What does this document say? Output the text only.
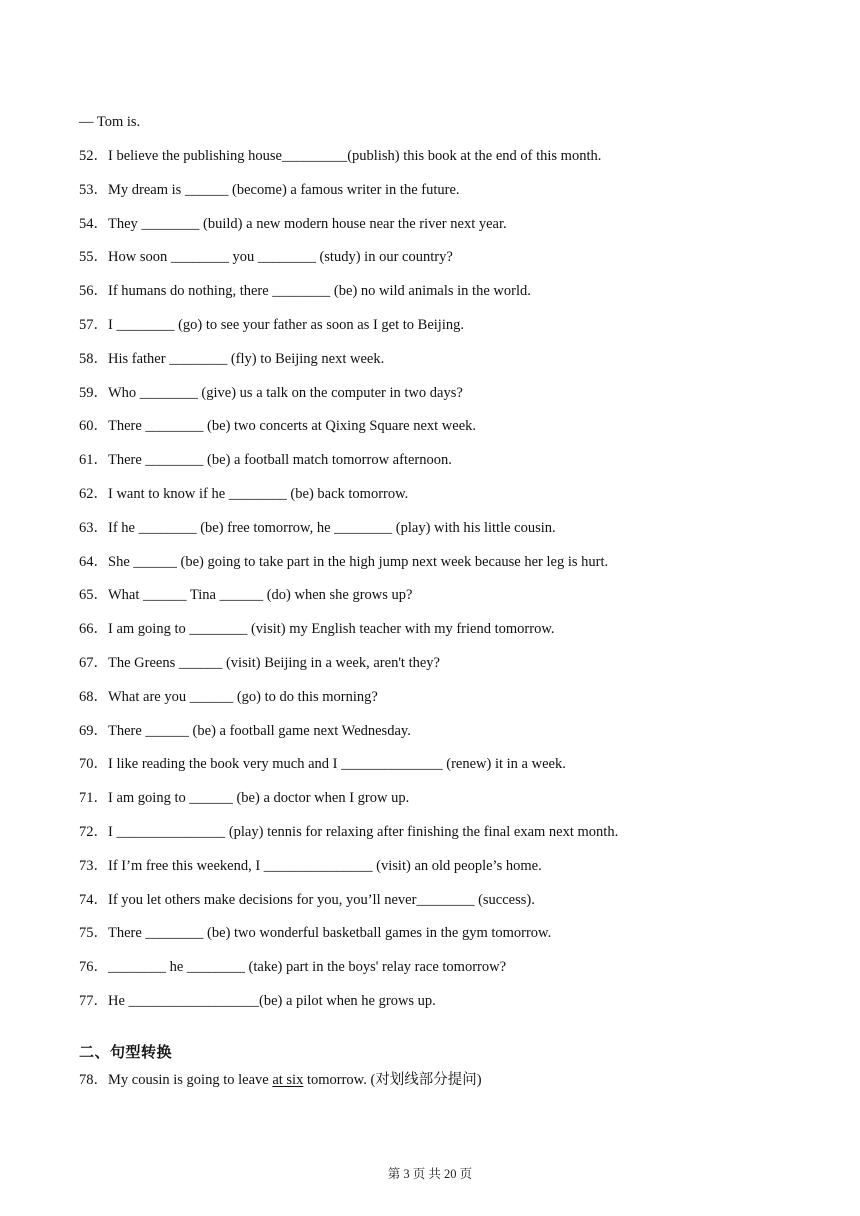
— Tom is.
52．I believe the publishing house_________(publish) this book at the end of this month.
53．My dream is ______ (become) a famous writer in the future.
54．They ________ (build) a new modern house near the river next year.
55．How soon ________ you ________ (study) in our country?
56．If humans do nothing, there ________ (be) no wild animals in the world.
57．I ________ (go) to see your father as soon as I get to Beijing.
58．His father ________ (fly) to Beijing next week.
59．Who ________ (give) us a talk on the computer in two days?
60．There ________ (be) two concerts at Qixing Square next week.
61．There ________ (be) a football match tomorrow afternoon.
62．I want to know if he ________ (be) back tomorrow.
63．If he ________ (be) free tomorrow, he ________ (play) with his little cousin.
64．She ______ (be) going to take part in the high jump next week because her leg is hurt.
65．What ______ Tina ______ (do) when she grows up?
66．I am going to ________ (visit) my English teacher with my friend tomorrow.
67．The Greens ______ (visit) Beijing in a week, aren't they?
68．What are you ______ (go) to do this morning?
69．There ______ (be) a football game next Wednesday.
70．I like reading the book very much and I ______________ (renew) it in a week.
71．I am going to ______ (be) a doctor when I grow up.
72．I _______________ (play) tennis for relaxing after finishing the final exam next month.
73．If I’m free this weekend, I _______________ (visit) an old people’s home.
74．If you let others make decisions for you, you’ll never________ (success).
75．There ________ (be) two wonderful basketball games in the gym tomorrow.
76．________ he ________ (take) part in the boys' relay race tomorrow?
77．He __________________(be) a pilot when he grows up.
二、句型转换
78．My cousin is going to leave at six tomorrow. (对划线部分提问)
第 3 页 共 20 页
